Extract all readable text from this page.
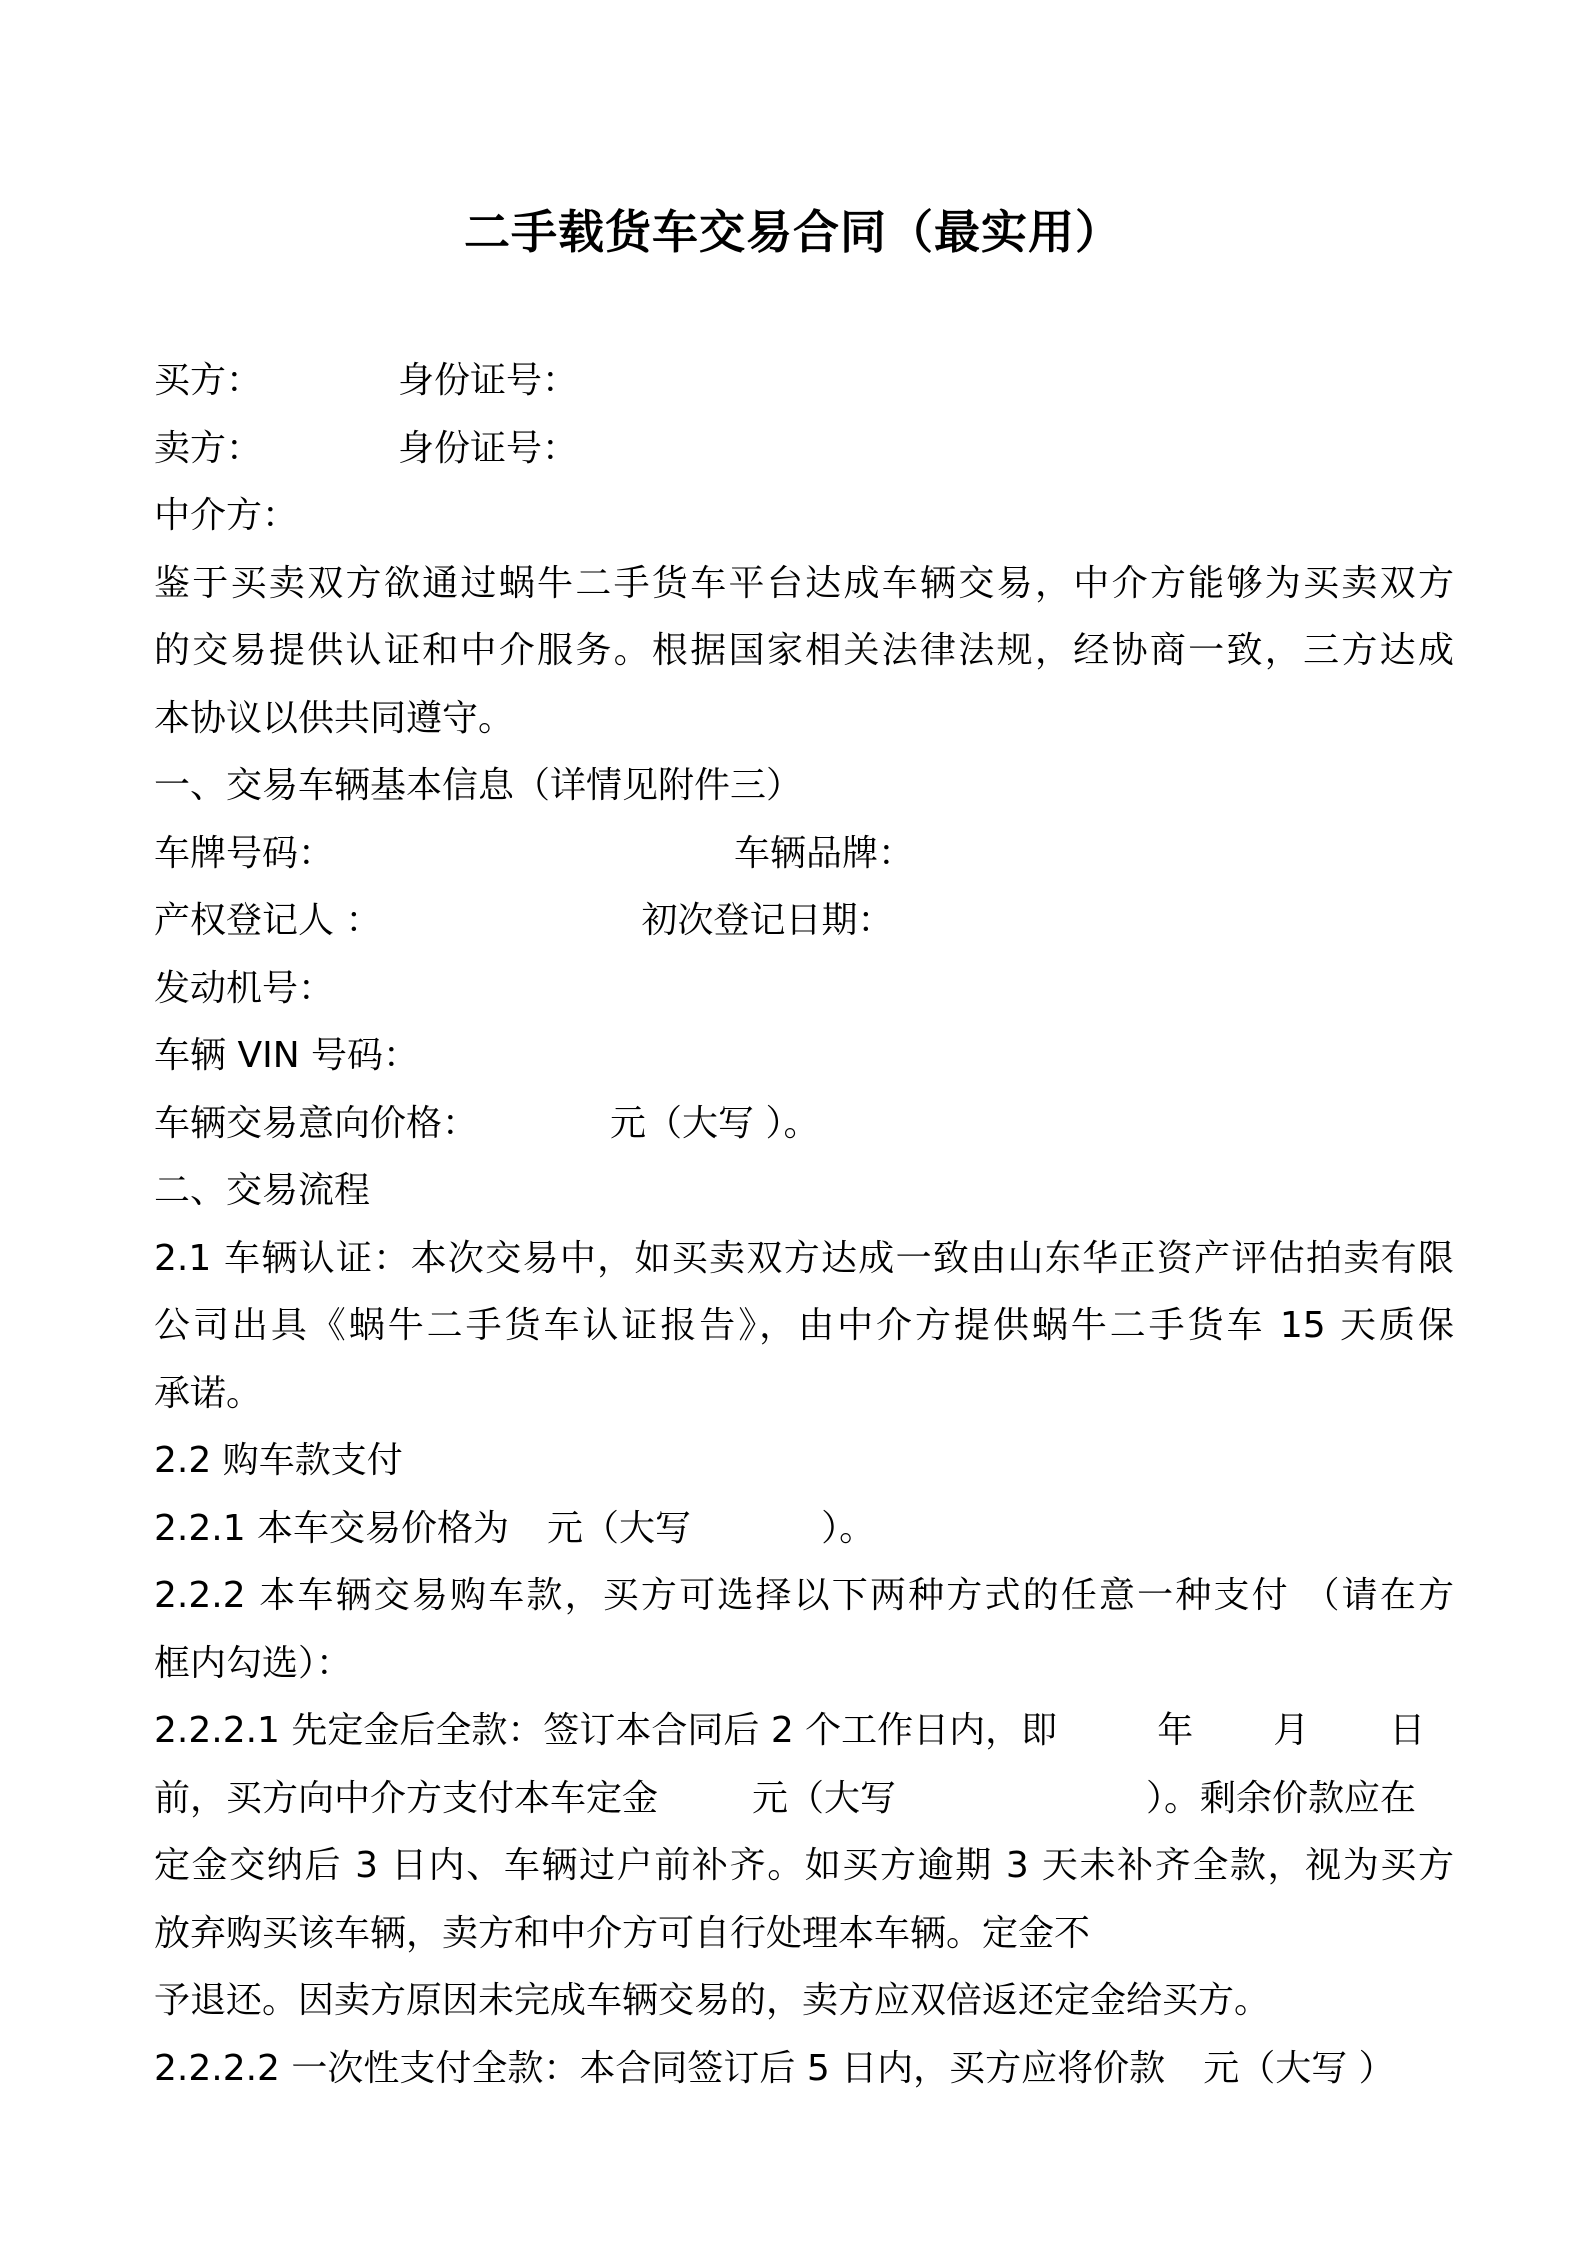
二手载货车交易合同（最实用）
买方：	身份证号：
卖方：	身份证号：
中介方：
鉴于买卖双方欲通过蜗牛二手货车平台达成车辆交易，中介方能够为买卖双方
的交易提供认证和中介服务。根据国家相关法律法规，经协商一致，三方达成
本协议以供共同遵守。
一、交易车辆基本信息（详情见附件三）
车牌号码：	车辆品牌：
产权登记人 ：	初次登记日期：
发动机号：
车辆 VIN 号码：
车辆交易意向价格：	元（大写 ）。
二、交易流程
2.1 车辆认证：本次交易中，如买卖双方达成一致由山东华正资产评估拍卖有限
公司出具《蜗牛二手货车认证报告》，由中介方提供蜗牛二手货车 15 天质保
承诺。
2.2 购车款支付
2.2.1 本车交易价格为 元（大写	）。
2.2.2 本车辆交易购车款，买方可选择以下两种方式的任意一种支付 （请在方
框内勾选）：
2.2.2.1 先定金后全款：签订本合同后 2 个工作日内，即	年 月 日
前，买方向中介方支付本车定金	元（大写	）。剩余价款应在
定金交纳后 3 日内、车辆过户前补齐。如买方逾期 3 天未补齐全款，视为买方
放弃购买该车辆，卖方和中介方可自行处理本车辆。定金不
予退还。因卖方原因未完成车辆交易的，卖方应双倍返还定金给买方。
2.2.2.2 一次性支付全款：本合同签订后 5 日内，买方应将价款 元（大写 ）
